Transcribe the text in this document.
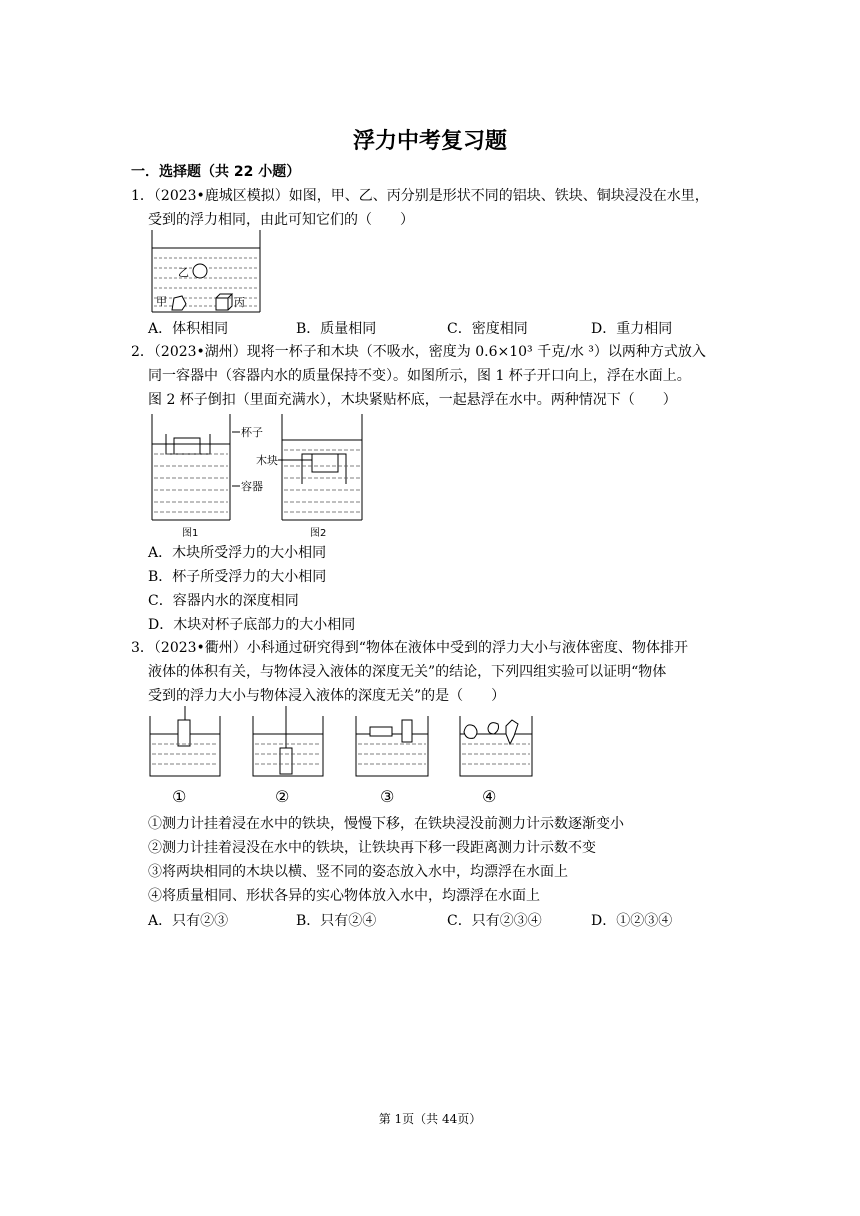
浮力中考复习题
一．选择题（共 22 小题）
1．（2023•鹿城区模拟）如图，甲、乙、丙分别是形状不同的铝块、铁块、铜块浸没在水里，
受到的浮力相同，由此可知它们的（　　）
乙
甲	丙
A．体积相同	B．质量相同	C．密度相同	D．重力相同
2．（2023•湖州）现将一杯子和木块（不吸水，密度为 0.6×10³ 千克/水 ³）以两种方式放入
同一容器中（容器内水的质量保持不变）。如图所示，图 1 杯子开口向上，浮在水面上。
图 2 杯子倒扣（里面充满水），木块紧贴杯底，一起悬浮在水中。两种情况下（　　）
杯子
木块
容器
图1	图2
A．木块所受浮力的大小相同
B．杯子所受浮力的大小相同
C．容器内水的深度相同
D．木块对杯子底部力的大小相同
3．（2023•衢州）小科通过研究得到“物体在液体中受到的浮力大小与液体密度、物体排开
液体的体积有关，与物体浸入液体的深度无关”的结论，下列四组实验可以证明“物体
受到的浮力大小与物体浸入液体的深度无关”的是（　　）
①	②	③	④
①测力计挂着浸在水中的铁块，慢慢下移，在铁块浸没前测力计示数逐渐变小
②测力计挂着浸没在水中的铁块，让铁块再下移一段距离测力计示数不变
③将两块相同的木块以横、竖不同的姿态放入水中，均漂浮在水面上
④将质量相同、形状各异的实心物体放入水中，均漂浮在水面上
A．只有②③	B．只有②④	C．只有②③④	D．①②③④
第 1页（共 44页）
